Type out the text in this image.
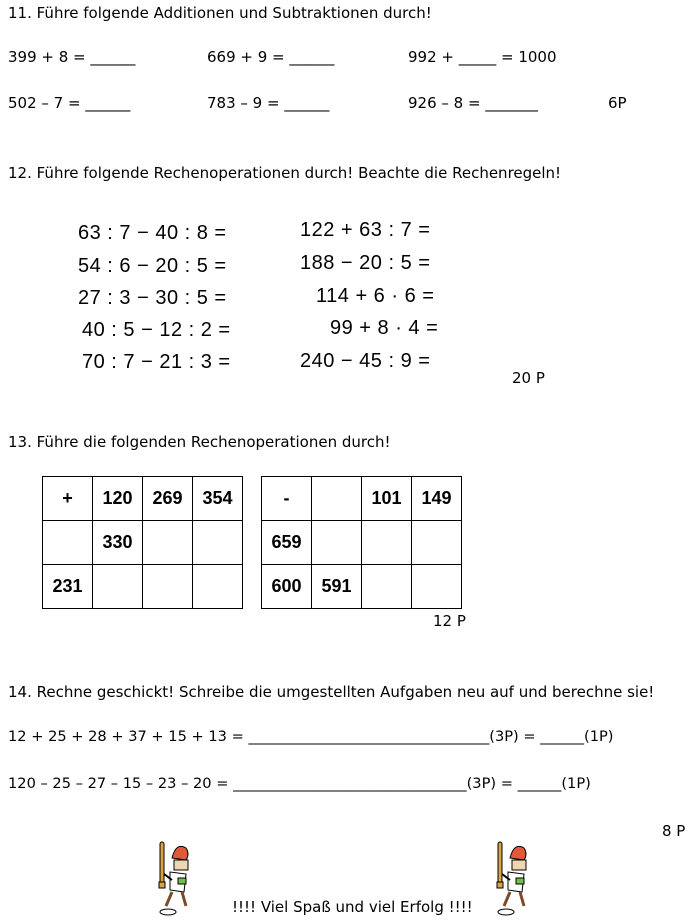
11. Führe folgende Additionen und Subtraktionen durch!
399 + 8 = ______	669 + 9 = ______	992 + _____ = 1000
502 – 7 = ______	783 – 9 = ______	926 – 8 = _______	6P
12. Führe folgende Rechenoperationen durch! Beachte die Rechenregeln!
63 : 7 − 40 : 8 =
54 : 6 − 20 : 5 =
27 : 3 − 30 : 5 =
40 : 5 − 12 : 2 =
70 : 7 − 21 : 3 =
122 + 63 : 7 =
188 − 20 : 5 =
114 + 6 · 6 =
99 + 8 · 4 =
240 − 45 : 9 =
20 P
13. Führe die folgenden Rechenoperationen durch!
+	120	269	354
	330		
231			
-		101	149
659			
600	591		
12 P
14. Rechne geschickt! Schreibe die umgestellten Aufgaben neu auf und berechne sie!
12 + 25 + 28 + 37 + 15 + 13 = _________________________________(3P) = ______(1P)
120 – 25 – 27 – 15 – 23 – 20 = ________________________________(3P) = ______(1P)
8 P
!!!! Viel Spaß und viel Erfolg !!!!
